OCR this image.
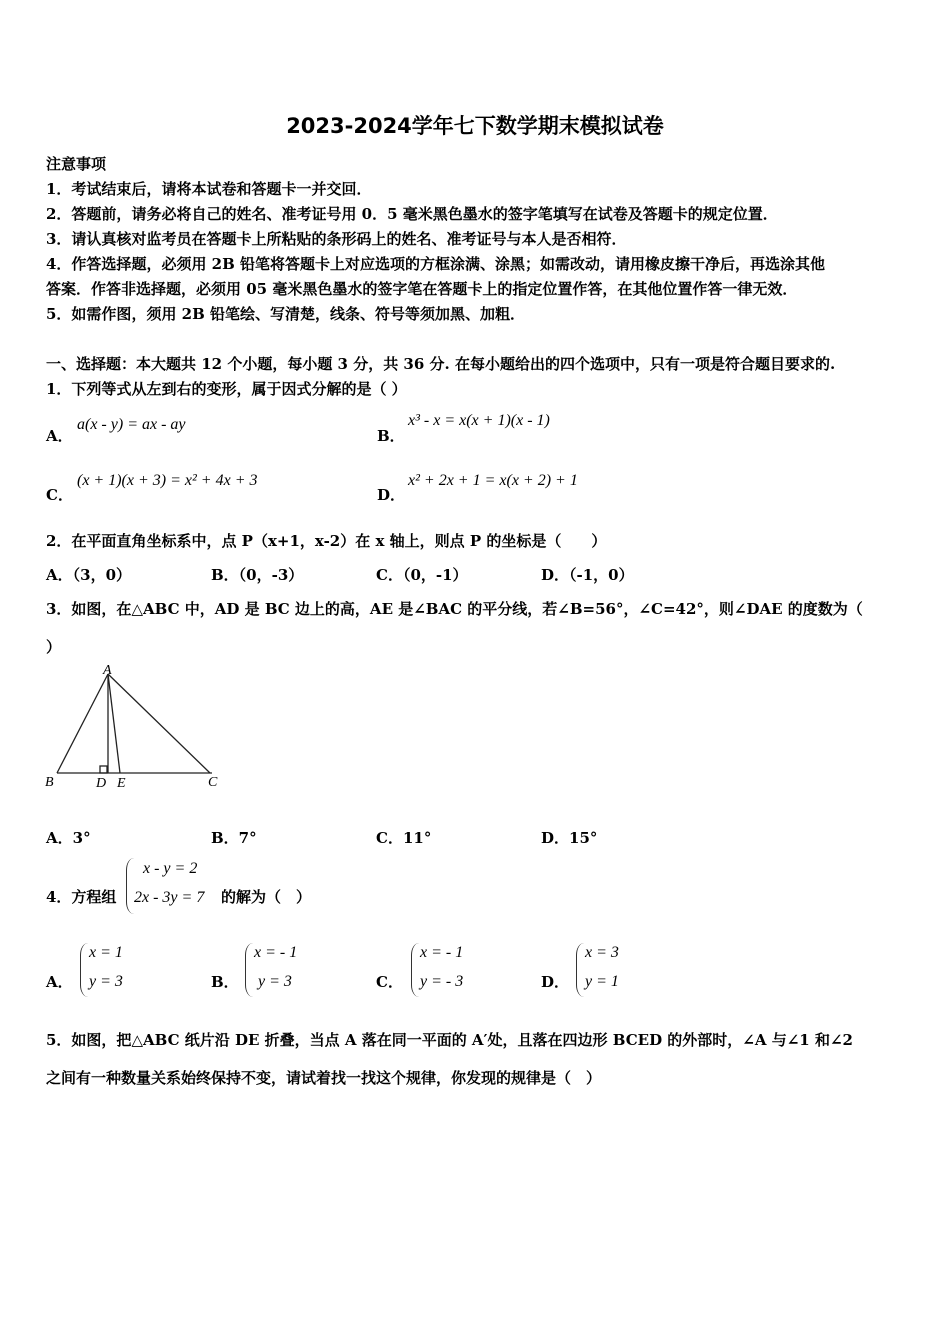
2023-2024学年七下数学期末模拟试卷
注意事项
1．考试结束后，请将本试卷和答题卡一并交回．
2．答题前，请务必将自己的姓名、准考证号用 0．5 毫米黑色墨水的签字笔填写在试卷及答题卡的规定位置．
3．请认真核对监考员在答题卡上所粘贴的条形码上的姓名、准考证号与本人是否相符．
4．作答选择题，必须用 2B 铅笔将答题卡上对应选项的方框涂满、涂黑；如需改动，请用橡皮擦干净后，再选涂其他
答案．作答非选择题，必须用 05 毫米黑色墨水的签字笔在答题卡上的指定位置作答，在其他位置作答一律无效．
5．如需作图，须用 2B 铅笔绘、写清楚，线条、符号等须加黑、加粗．
一、选择题：本大题共 12 个小题，每小题 3 分，共 36 分. 在每小题给出的四个选项中，只有一项是符合题目要求的.
1．下列等式从左到右的变形，属于因式分解的是（ ）
A．
a(x - y) = ax - ay
B．
x³ - x = x(x + 1)(x - 1)
C．
(x + 1)(x + 3) = x² + 4x + 3
D．
x² + 2x + 1 = x(x + 2) + 1
2．在平面直角坐标系中，点 P（x+1，x-2）在 x 轴上，则点 P 的坐标是（　　）
A．（3，0）	B．（0，-3）	C．（0，-1）	D．（-1，0）
3．如图，在△ABC 中，AD 是 BC 边上的高，AE 是∠BAC 的平分线，若∠B=56°，∠C=42°，则∠DAE 的度数为（
）
A
B	D E	C
A．3°	B．7°	C．11°	D．15°
4．方程组
x - y = 2
2x - 3y = 7 的解为（　）
A．
x = 1
y = 3	B．
x = - 1
y = 3	C．
x = - 1
y = - 3	D．
x = 3
y = 1
5．如图，把△ABC 纸片沿 DE 折叠，当点 A 落在同一平面的 A′处，且落在四边形 BCED 的外部时，∠A 与∠1 和∠2
之间有一种数量关系始终保持不变，请试着找一找这个规律，你发现的规律是（　）
